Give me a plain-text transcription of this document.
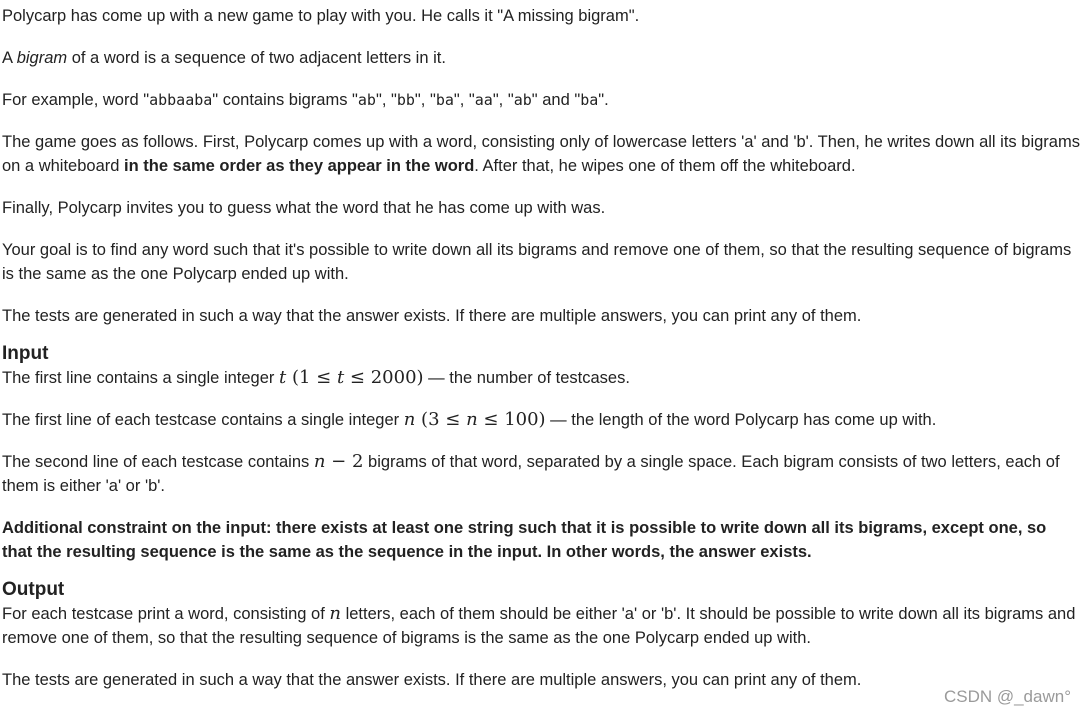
Polycarp has come up with a new game to play with you. He calls it "A missing bigram".

A bigram of a word is a sequence of two adjacent letters in it.

For example, word "abbaaba" contains bigrams "ab", "bb", "ba", "aa", "ab" and "ba".

The game goes as follows. First, Polycarp comes up with a word, consisting only of lowercase letters 'a' and 'b'. Then, he writes down all its bigrams on a whiteboard in the same order as they appear in the word. After that, he wipes one of them off the whiteboard.

Finally, Polycarp invites you to guess what the word that he has come up with was.

Your goal is to find any word such that it's possible to write down all its bigrams and remove one of them, so that the resulting sequence of bigrams is the same as the one Polycarp ended up with.

The tests are generated in such a way that the answer exists. If there are multiple answers, you can print any of them.

Input

The first line contains a single integer t (1 ≤ t ≤ 2000) — the number of testcases.

The first line of each testcase contains a single integer n (3 ≤ n ≤ 100) — the length of the word Polycarp has come up with.

The second line of each testcase contains n − 2 bigrams of that word, separated by a single space. Each bigram consists of two letters, each of them is either 'a' or 'b'.

Additional constraint on the input: there exists at least one string such that it is possible to write down all its bigrams, except one, so that the resulting sequence is the same as the sequence in the input. In other words, the answer exists.

Output

For each testcase print a word, consisting of n letters, each of them should be either 'a' or 'b'. It should be possible to write down all its bigrams and remove one of them, so that the resulting sequence of bigrams is the same as the one Polycarp ended up with.

The tests are generated in such a way that the answer exists. If there are multiple answers, you can print any of them.

CSDN @_dawn°
